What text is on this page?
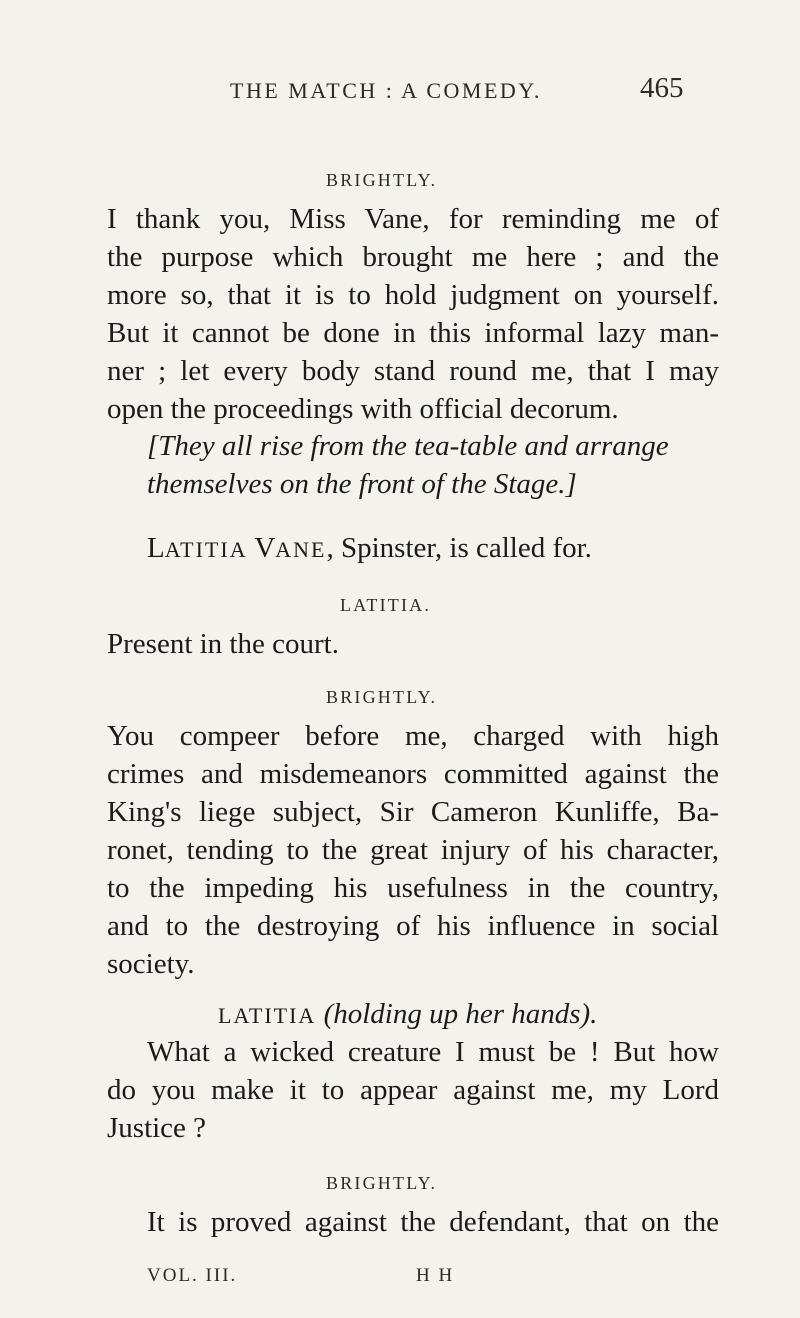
THE MATCH : A COMEDY.	465
BRIGHTLY.
I thank you, Miss Vane, for reminding me of
the purpose which brought me here ; and the
more so, that it is to hold judgment on yourself.
But it cannot be done in this informal lazy man-
ner ; let every body stand round me, that I may
open the proceedings with official decorum.
[They all rise from the tea-table and arrange
themselves on the front of the Stage.]
LATITIA VANE, Spinster, is called for.
LATITIA.
Present in the court.
BRIGHTLY.
You compeer before me, charged with high
crimes and misdemeanors committed against the
King's liege subject, Sir Cameron Kunliffe, Ba-
ronet, tending to the great injury of his character,
to the impeding his usefulness in the country,
and to the destroying of his influence in social
society.
LATITIA (holding up her hands).
What a wicked creature I must be ! But how
do you make it to appear against me, my Lord
Justice ?
BRIGHTLY.
It is proved against the defendant, that on the
VOL. III.	H H
